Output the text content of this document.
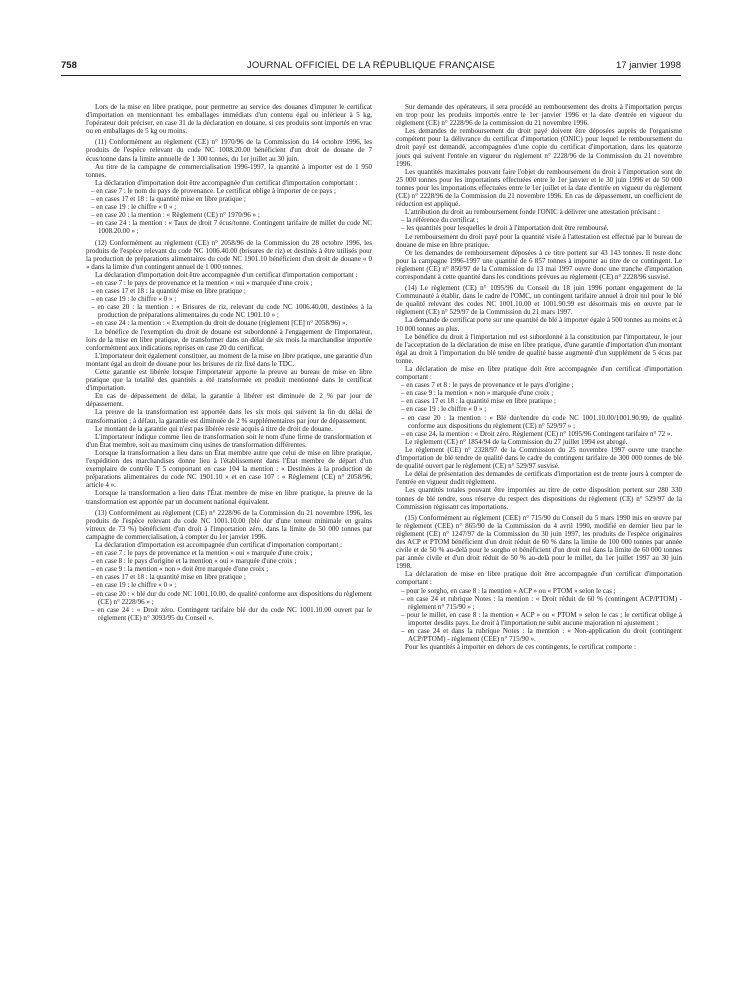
758	JOURNAL OFFICIEL DE LA RÉPUBLIQUE FRANÇAISE	17 janvier 1998

Lors de la mise en libre pratique, pour permettre au service des douanes d'imputer le certificat d'importation en mentionnant les emballages immédiats d'un contenu égal ou inférieur à 5 kg, l'opérateur doit préciser, en case 31 de la déclaration en douane, si ces produits sont importés en vrac ou en emballages de 5 kg ou moins.

(11) Conformément au règlement (CE) n° 1970/96 de la Commission du 14 octobre 1996, les produits de l'espèce relevant du code NC 1008.20.00 bénéficient d'un droit de douane de 7 écus/tonne dans la limite annuelle de 1 300 tonnes, du 1er juillet au 30 juin.

Au titre de la campagne de commercialisation 1996-1997, la quantité à importer est de 1 950 tonnes.

La déclaration d'importation doit être accompagnée d'un certificat d'importation comportant :

– en case 7 : le nom du pays de provenance. Le certificat oblige à importer de ce pays ;
– en cases 17 et 18 : la quantité mise en libre pratique ;
– en case 19 : le chiffre « 0 » ;
– en case 20 : la mention : « Règlement (CE) n° 1970/96 » ;
– en case 24 : la mention : « Taux de droit 7 écus/tonne. Contingent tarifaire de millet du code NC 1008.20.00 » ;

(12) Conformément au règlement (CE) n° 2058/96 de la Commission du 28 octobre 1996, les produits de l'espèce relevant du code NC 1006.40.00 (brisures de riz) et destinés à être utilisés pour la production de préparations alimentaires du code NC 1901.10 bénéficient d'un droit de douane « 0 » dans la limite d'un contingent annuel de 1 000 tonnes.

La déclaration d'importation doit être accompagnée d'un certificat d'importation comportant :

– en case 7 : le pays de provenance et la mention « oui » marquée d'une croix ;
– en cases 17 et 18 : la quantité mise en libre pratique ;
– en case 19 : le chiffre « 0 » ;
– en case 20 : la mention : « Brisures de riz, relevant du code NC 1006.40.00, destinées à la production de préparations alimentaires du code NC 1901.10 » ;
– en case 24 : la mention : « Exemption du droit de douane (règlement [CE] n° 2058/96) ».

Le bénéfice de l'exemption du droit de douane est subordonné à l'engagement de l'importateur, lors de la mise en libre pratique, de transformer dans un délai de six mois la marchandise importée conformément aux indications reprises en case 20 du certificat.

L'importateur doit également constituer, au moment de la mise en libre pratique, une garantie d'un montant égal au droit de douane pour les brisures de riz fixé dans le TDC.

Cette garantie est libérée lorsque l'importateur apporte la preuve au bureau de mise en libre pratique que la totalité des quantités a été transformée en produit mentionné dans le certificat d'importation.

En cas de dépassement de délai, la garantie à libérer est diminuée de 2 % par jour de dépassement.

La preuve de la transformation est apportée dans les six mois qui suivent la fin du délai de transformation ; à défaut, la garantie est diminuée de 2 % supplémentaires par jour de dépassement.

Le montant de la garantie qui n'est pas libérée reste acquis à titre de droit de douane.

L'importateur indique comme lieu de transformation soit le nom d'une firme de transformation et d'un État membre, soit au maximum cinq usines de transformation différentes.

Lorsque la transformation a lieu dans un État membre autre que celui de mise en libre pratique, l'expédition des marchandises donne lieu à l'établissement dans l'État membre de départ d'un exemplaire de contrôle T 5 comportant en case 104 la mention : « Destinées à la production de préparations alimentaires du code NC 1901.10 » et en case 107 : « Règlement (CE) n° 2058/96, article 4 ».

Lorsque la transformation a lieu dans l'État membre de mise en libre pratique, la preuve de la transformation est apportée par un document national équivalent.

(13) Conformément au règlement (CE) n° 2228/96 de la Commission du 21 novembre 1996, les produits de l'espèce relevant du code NC 1001.10.00 (blé dur d'une teneur minimale en grains vitreux de 73 %) bénéficient d'un droit à l'importation zéro, dans la limite de 50 000 tonnes par campagne de commercialisation, à compter du 1er janvier 1996.

La déclaration d'importation est accompagnée d'un certificat d'importation comportant :

– en case 7 : le pays de provenance et la mention « oui » marquée d'une croix ;
– en case 8 : le pays d'origine et la mention « oui » marquée d'une croix ;
– en case 9 : la mention « non » doit être marquée d'une croix ;
– en cases 17 et 18 : la quantité mise en libre pratique ;
– en case 19 : le chiffre « 0 » ;
– en case 20 : « blé dur du code NC 1001.10.00, de qualité conforme aux dispositions du règlement (CE) n° 2228/96 » ;
– en case 24 : « Droit zéro. Contingent tarifaire blé dur du code NC 1001.10.00 ouvert par le règlement (CE) n° 3093/95 du Conseil ».

Sur demande des opérateurs, il sera procédé au remboursement des droits à l'importation perçus en trop pour les produits importés entre le 1er janvier 1996 et la date d'entrée en vigueur du règlement (CE) n° 2228/96 de la commission du 21 novembre 1996.

Les demandes de remboursement du droit payé doivent être déposées auprès de l'organisme compétent pour la délivrance du certificat d'importation (ONIC) pour lequel le remboursement du droit payé est demandé, accompagnées d'une copie du certificat d'importation, dans les quatorze jours qui suivent l'entrée en vigueur du règlement n° 2228/96 de la Commission du 21 novembre 1996.

Les quantités maximales pouvant faire l'objet du remboursement du droit à l'importation sont de 25 000 tonnes pour les importations effectuées entre le 1er janvier et le 30 juin 1996 et de 50 000 tonnes pour les importations effectuées entre le 1er juillet et la date d'entrée en vigueur du règlement (CE) n° 2228/96 de la Commission du 21 novembre 1996. En cas de dépassement, un coefficient de réduction est appliqué.

L'attribution du droit au remboursement fonde l'ONIC à délivrer une attestation précisant :

– la référence du certificat ;
– les quantités pour lesquelles le droit à l'importation doit être remboursé.

Le remboursement du droit payé pour la quantité visée à l'attestation est effectué par le bureau de douane de mise en libre pratique.

Or les demandes de remboursement déposées à ce titre portent sur 43 143 tonnes. Il reste donc pour la campagne 1996-1997 une quantité de 6 857 tonnes à importer au titre de ce contingent. Le règlement (CE) n° 850/97 de la Commission du 13 mai 1997 ouvre donc une tranche d'importation correspondant à cette quantité dans les conditions prévues au règlement (CE) n° 2228/96 susvisé.

(14) Le règlement (CE) n° 1095/96 du Conseil du 18 juin 1996 portant engagement de la Communauté à établir, dans le cadre de l'OMC, un contingent tarifaire annuel à droit nul pour le blé de qualité relevant des codes NC 1001.10.00 et 1001.90.99 est désormais mis en œuvre par le règlement (CE) n° 529/97 de la Commission du 21 mars 1997.

La demande de certificat porte sur une quantité de blé à importer égale à 500 tonnes au moins et à 10 000 tonnes au plus.

Le bénéfice du droit à l'importation nul est subordonné à la constitution par l'importateur, le jour de l'acceptation de la déclaration de mise en libre pratique, d'une garantie d'importation d'un montant égal au droit à l'importation du blé tendre de qualité basse augmenté d'un supplément de 5 écus par tonne.

La déclaration de mise en libre pratique doit être accompagnée d'un certificat d'importation comportant :

– en cases 7 et 8 : le pays de provenance et le pays d'origine ;
– en case 9 : la mention « non » marquée d'une croix ;
– en cases 17 et 18 : la quantité mise en libre pratique ;
– en case 19 : le chiffre « 0 » ;
– en case 20 : la mention : « Blé dur/tendre du code NC 1001.10.00/1001.90.99, de qualité conforme aux dispositions du règlement (CE) n° 529/97 » ;
– en case 24, la mention : « Droit zéro. Règlement (CE) n° 1095/96 Contingent tarifaire n° 72 ».

Le règlement (CE) n° 1854/94 de la Commission du 27 juillet 1994 est abrogé.

Le règlement (CE) n° 2328/97 de la Commission du 25 novembre 1997 ouvre une tranche d'importation de blé tendre de qualité dans le cadre du contingent tarifaire de 300 000 tonnes de blé de qualité ouvert par le règlement (CE) n° 529/97 susvisé.

Le délai de présentation des demandes de certificats d'importation est de trente jours à compter de l'entrée en vigueur dudit règlement.

Les quantités totales pouvant être importées au titre de cette disposition portent sur 280 330 tonnes de blé tendre, sous réserve du respect des dispositions du règlement (CE) n° 529/97 de la Commission régissant ces importations.

(15) Conformément au règlement (CEE) n° 715/90 du Conseil du 5 mars 1990 mis en œuvre par le règlement (CEE) n° 865/90 de la Commission du 4 avril 1990, modifié en dernier lieu par le règlement (CE) n° 1247/97 de la Commission du 30 juin 1997, les produits de l'espèce originaires des ACP et PTOM bénéficient d'un droit réduit de 60 % dans la limite de 100 000 tonnes par année civile et de 50 % au-delà pour le sorgho et bénéficient d'un droit nul dans la limite de 60 000 tonnes par année civile et d'un droit réduit de 50 % au-delà pour le millet, du 1er juillet 1997 au 30 juin 1998.

La déclaration de mise en libre pratique doit être accompagnée d'un certificat d'importation comportant :

– pour le sorgho, en case 8 : la mention « ACP » ou « PTOM » selon le cas ;
– en case 24 et rubrique Notes : la mention : « Droit réduit de 60 % (contingent ACP/PTOM) - règlement n° 715/90 » ;
– pour le millet, en case 8 : la mention « ACP » ou « PTOM » selon le cas ; le certificat oblige à importer desdits pays. Le droit à l'importation ne subit aucune majoration ni ajustement ;
– en case 24 et dans la rubrique Notes : la mention : « Non-application du droit (contingent ACP/PTOM) - règlement (CEE) n° 715/90 ».

Pour les quantités à importer en dehors de ces contingents, le certificat comporte :
